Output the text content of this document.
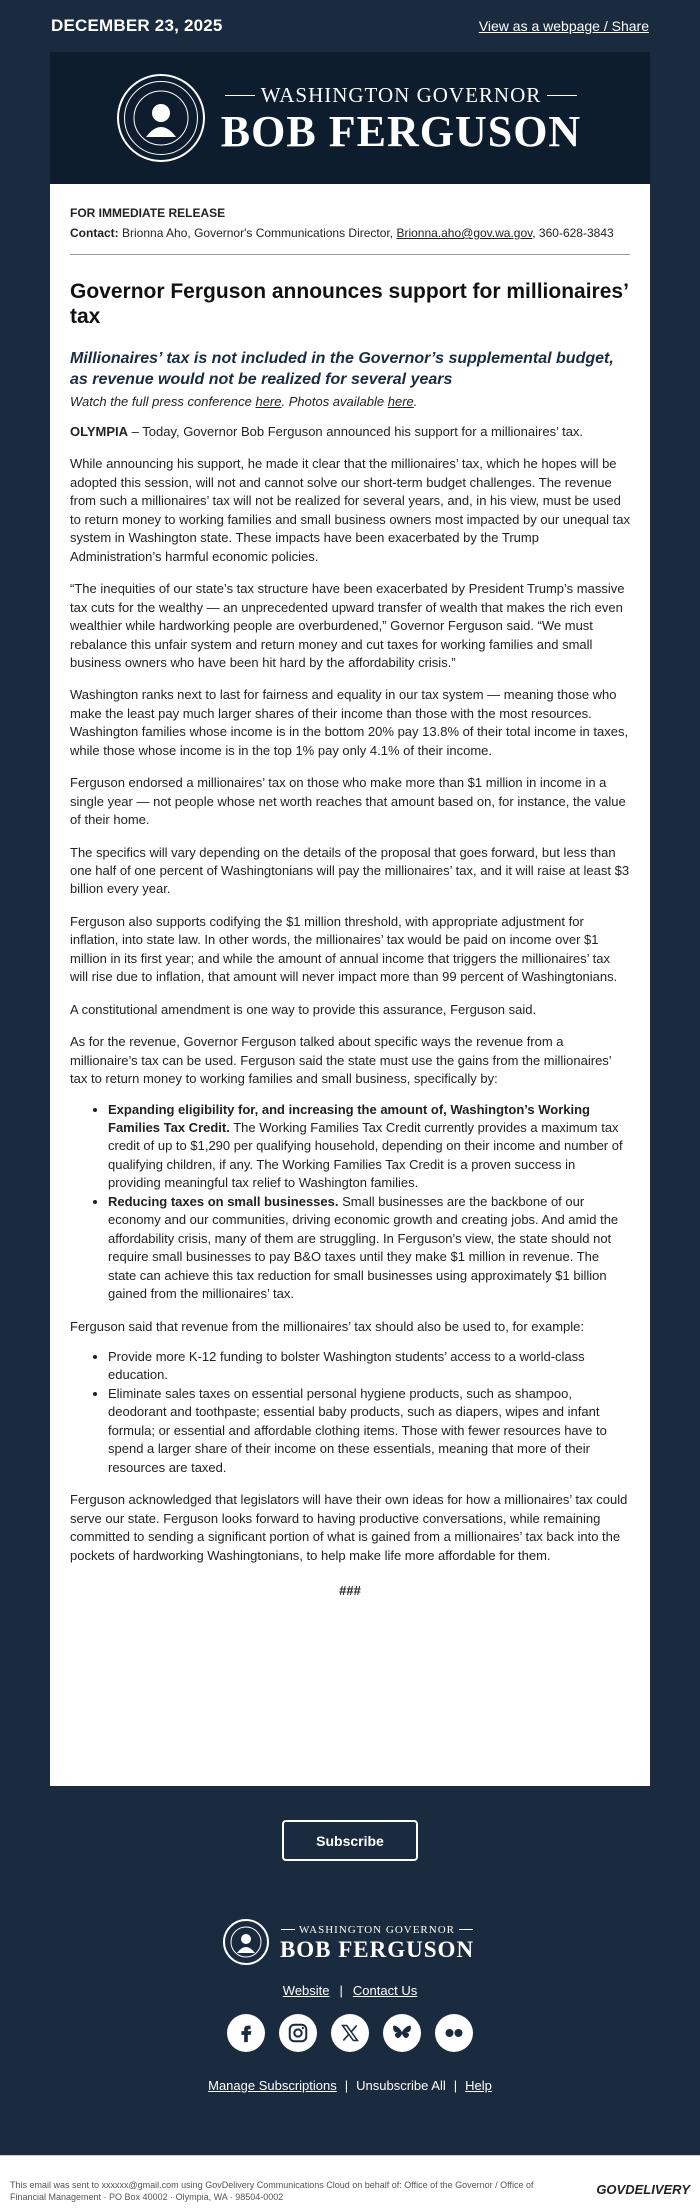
DECEMBER 23, 2025	View as a webpage / Share
WASHINGTON GOVERNOR
BOB FERGUSON
FOR IMMEDIATE RELEASE
Contact: Brionna Aho, Governor's Communications Director, Brionna.aho@gov.wa.gov, 360-628-3843
Governor Ferguson announces support for millionaires’ tax
Millionaires’ tax is not included in the Governor’s supplemental budget, as revenue would not be realized for several years
Watch the full press conference here. Photos available here.

OLYMPIA – Today, Governor Bob Ferguson announced his support for a millionaires’ tax.

While announcing his support, he made it clear that the millionaires’ tax, which he hopes will be adopted this session, will not and cannot solve our short-term budget challenges. The revenue from such a millionaires’ tax will not be realized for several years, and, in his view, must be used to return money to working families and small business owners most impacted by our unequal tax system in Washington state. These impacts have been exacerbated by the Trump Administration’s harmful economic policies.

“The inequities of our state’s tax structure have been exacerbated by President Trump’s massive tax cuts for the wealthy — an unprecedented upward transfer of wealth that makes the rich even wealthier while hardworking people are overburdened,” Governor Ferguson said. “We must rebalance this unfair system and return money and cut taxes for working families and small business owners who have been hit hard by the affordability crisis.”

Washington ranks next to last for fairness and equality in our tax system — meaning those who make the least pay much larger shares of their income than those with the most resources. Washington families whose income is in the bottom 20% pay 13.8% of their total income in taxes, while those whose income is in the top 1% pay only 4.1% of their income.

Ferguson endorsed a millionaires’ tax on those who make more than $1 million in income in a single year — not people whose net worth reaches that amount based on, for instance, the value of their home.

The specifics will vary depending on the details of the proposal that goes forward, but less than one half of one percent of Washingtonians will pay the millionaires’ tax, and it will raise at least $3 billion every year.

Ferguson also supports codifying the $1 million threshold, with appropriate adjustment for inflation, into state law. In other words, the millionaires’ tax would be paid on income over $1 million in its first year; and while the amount of annual income that triggers the millionaires’ tax will rise due to inflation, that amount will never impact more than 99 percent of Washingtonians.

A constitutional amendment is one way to provide this assurance, Ferguson said.

As for the revenue, Governor Ferguson talked about specific ways the revenue from a millionaire’s tax can be used. Ferguson said the state must use the gains from the millionaires’ tax to return money to working families and small business, specifically by:

• Expanding eligibility for, and increasing the amount of, Washington’s Working Families Tax Credit. The Working Families Tax Credit currently provides a maximum tax credit of up to $1,290 per qualifying household, depending on their income and number of qualifying children, if any. The Working Families Tax Credit is a proven success in providing meaningful tax relief to Washington families.
• Reducing taxes on small businesses. Small businesses are the backbone of our economy and our communities, driving economic growth and creating jobs. And amid the affordability crisis, many of them are struggling. In Ferguson’s view, the state should not require small businesses to pay B&O taxes until they make $1 million in revenue. The state can achieve this tax reduction for small businesses using approximately $1 billion gained from the millionaires’ tax.

Ferguson said that revenue from the millionaires’ tax should also be used to, for example:

• Provide more K-12 funding to bolster Washington students’ access to a world-class education.
• Eliminate sales taxes on essential personal hygiene products, such as shampoo, deodorant and toothpaste; essential baby products, such as diapers, wipes and infant formula; or essential and affordable clothing items. Those with fewer resources have to spend a larger share of their income on these essentials, meaning that more of their resources are taxed.

Ferguson acknowledged that legislators will have their own ideas for how a millionaires’ tax could serve our state. Ferguson looks forward to having productive conversations, while remaining committed to sending a significant portion of what is gained from a millionaires’ tax back into the pockets of hardworking Washingtonians, to help make life more affordable for them.

###
Subscribe
WASHINGTON GOVERNOR
BOB FERGUSON
Website | Contact Us
Manage Subscriptions | Unsubscribe All | Help
This email was sent to xxxxxx@gmail.com using GovDelivery Communications Cloud on behalf of: Office of the Governor / Office of Financial Management · PO Box 40002 · Olympia, WA · 98504-0002	GOVDELIVERY
